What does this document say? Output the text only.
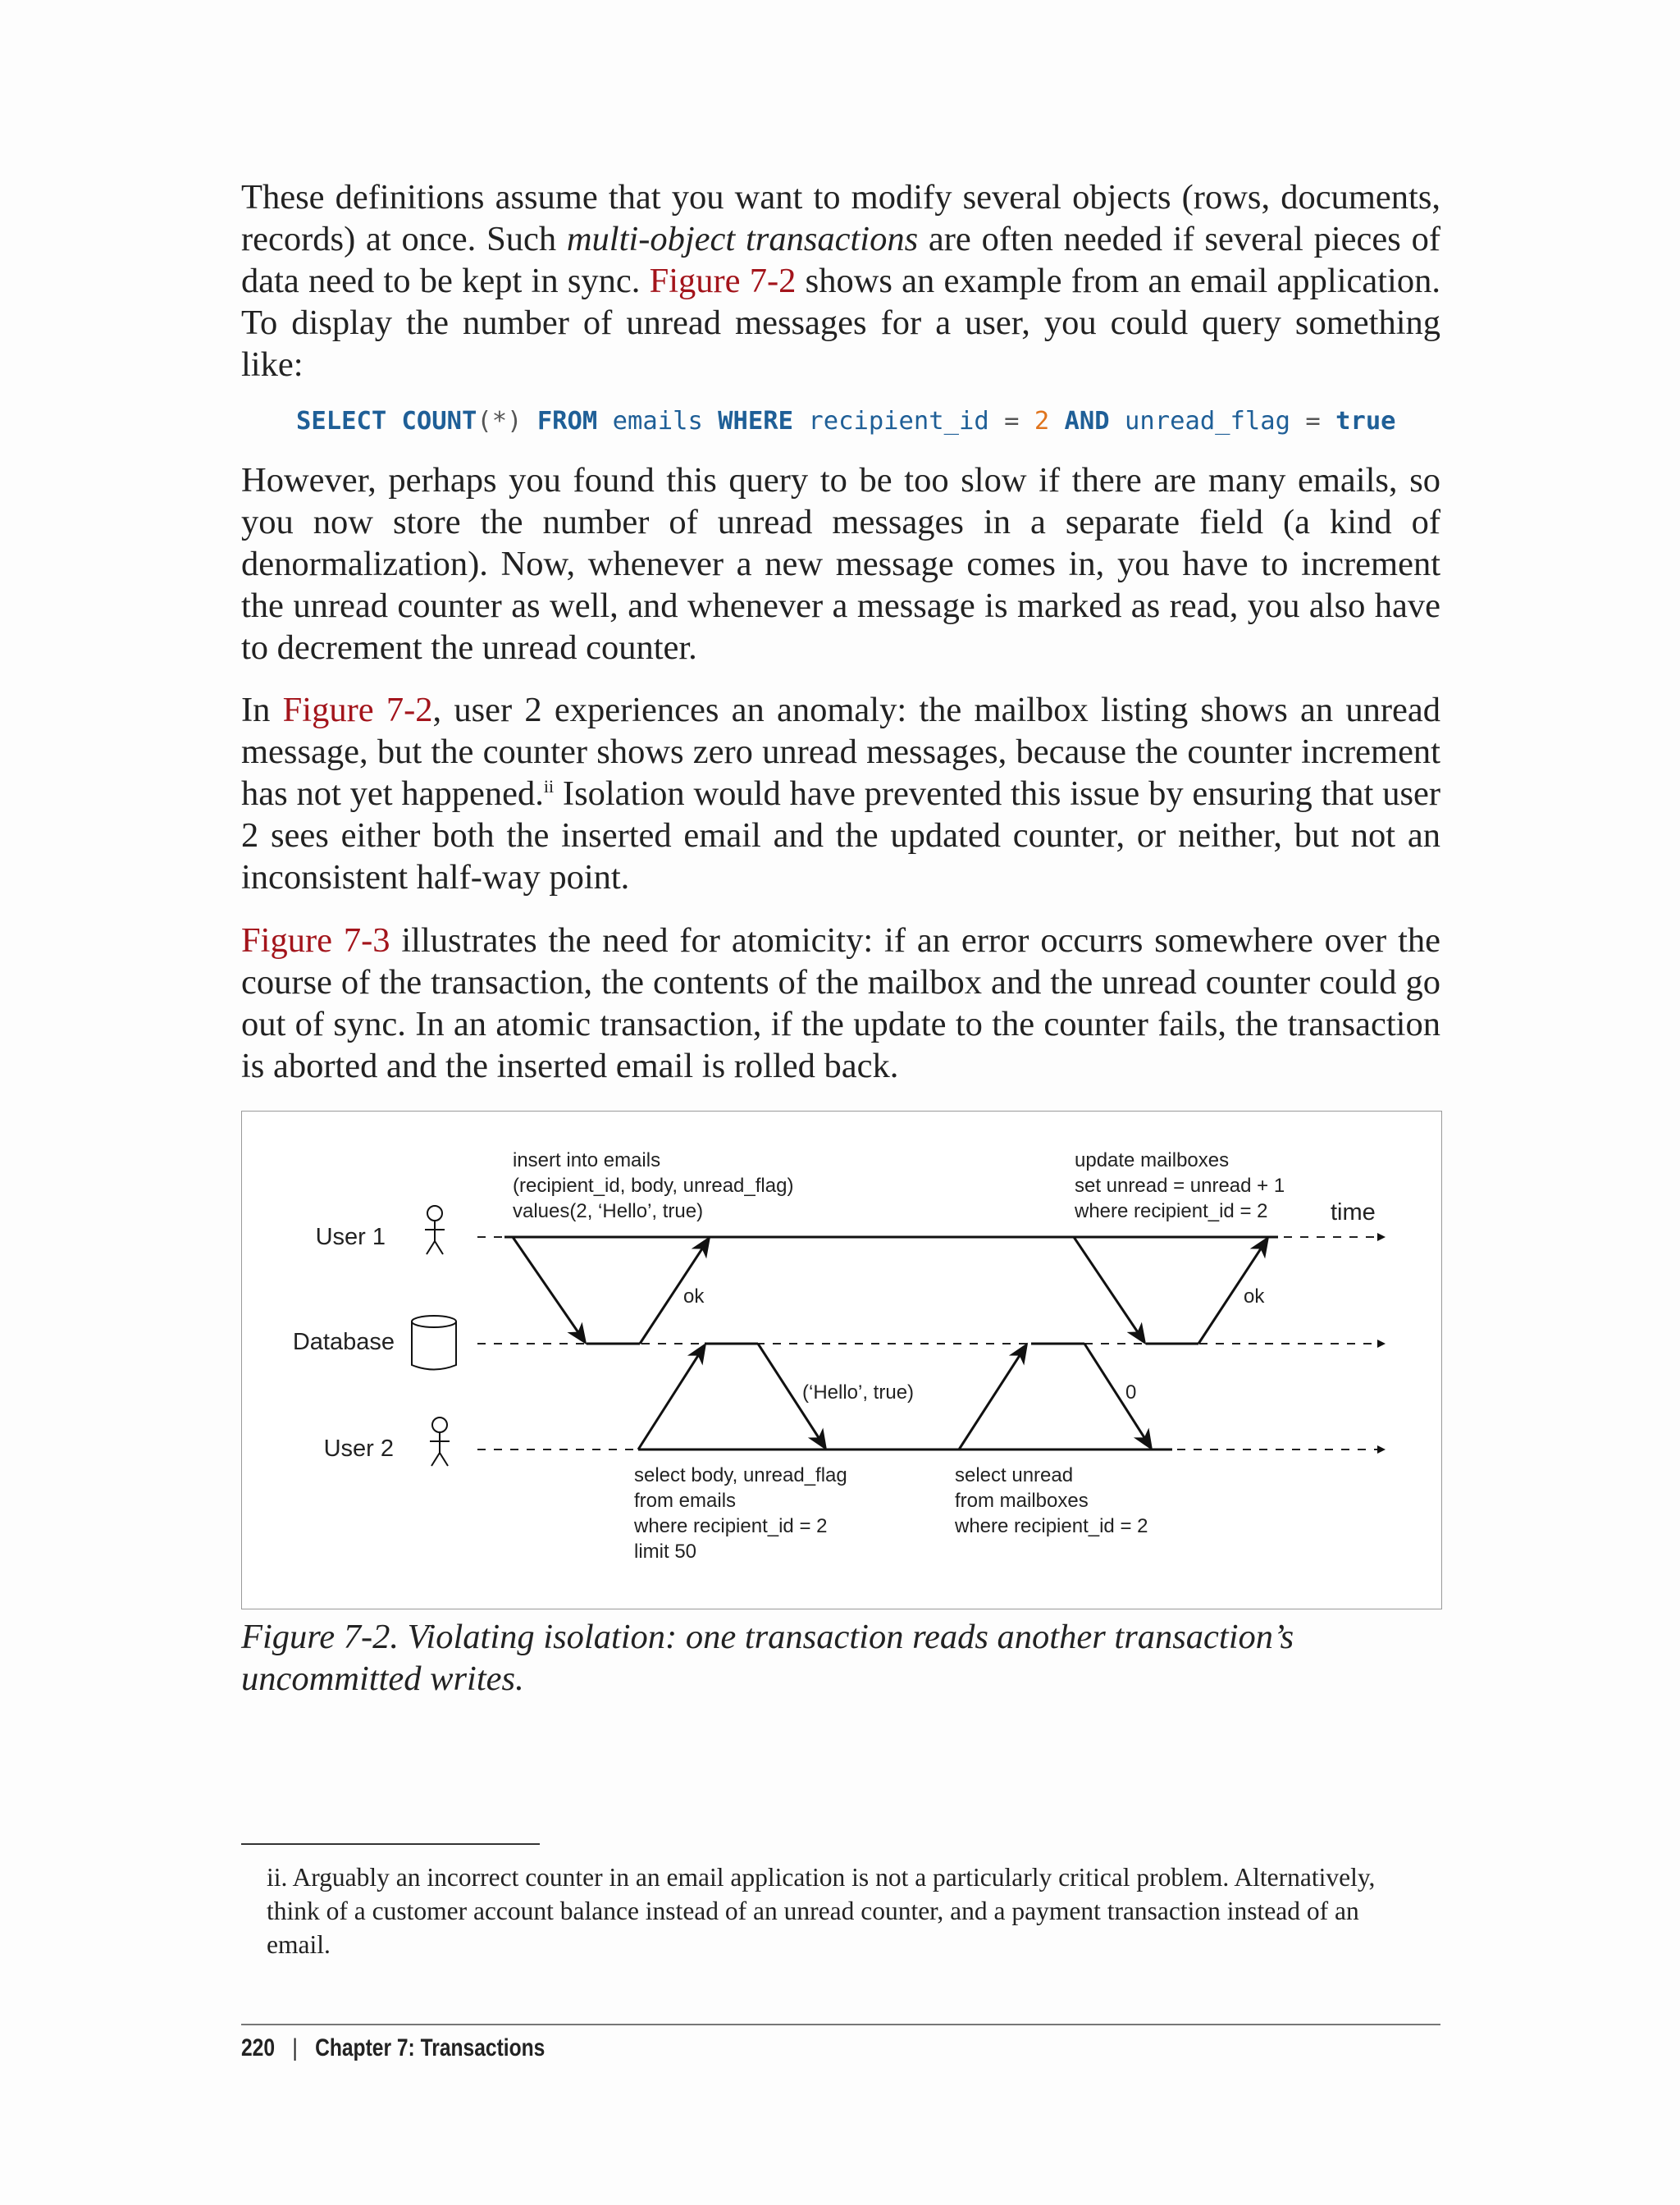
These definitions assume that you want to modify several objects (rows, documents, records) at once. Such multi-object transactions are often needed if several pieces of data need to be kept in sync. Figure 7-2 shows an example from an email application. To display the number of unread messages for a user, you could query something like:

SELECT COUNT(*) FROM emails WHERE recipient_id = 2 AND unread_flag = true

However, perhaps you found this query to be too slow if there are many emails, so you now store the number of unread messages in a separate field (a kind of denormalization). Now, whenever a new message comes in, you have to increment the unread counter as well, and whenever a message is marked as read, you also have to decrement the unread counter.

In Figure 7-2, user 2 experiences an anomaly: the mailbox listing shows an unread message, but the counter shows zero unread messages, because the counter increment has not yet happened.$^{ii}$ Isolation would have prevented this issue by ensuring that user 2 sees either both the inserted email and the updated counter, or neither, but not an inconsistent half-way point.

Figure 7-3 illustrates the need for atomicity: if an error occurrs somewhere over the course of the transaction, the contents of the mailbox and the unread counter could go out of sync. In an atomic transaction, if the update to the counter fails, the transaction is aborted and the inserted email is rolled back.

User 1
Database
User 2
insert into emails
(recipient_id, body, unread_flag)
values(2, ‘Hello’, true)
update mailboxes
set unread = unread + 1
where recipient_id = 2
ok	ok
(‘Hello’, true)	0
select body, unread_flag
from emails
where recipient_id = 2
limit 50
select unread
from mailboxes
where recipient_id = 2
time

Figure 7-2. Violating isolation: one transaction reads another transaction’s uncommitted writes.

ii. Arguably an incorrect counter in an email application is not a particularly critical problem. Alternatively, think of a customer account balance instead of an unread counter, and a payment transaction instead of an email.

220 | Chapter 7: Transactions
